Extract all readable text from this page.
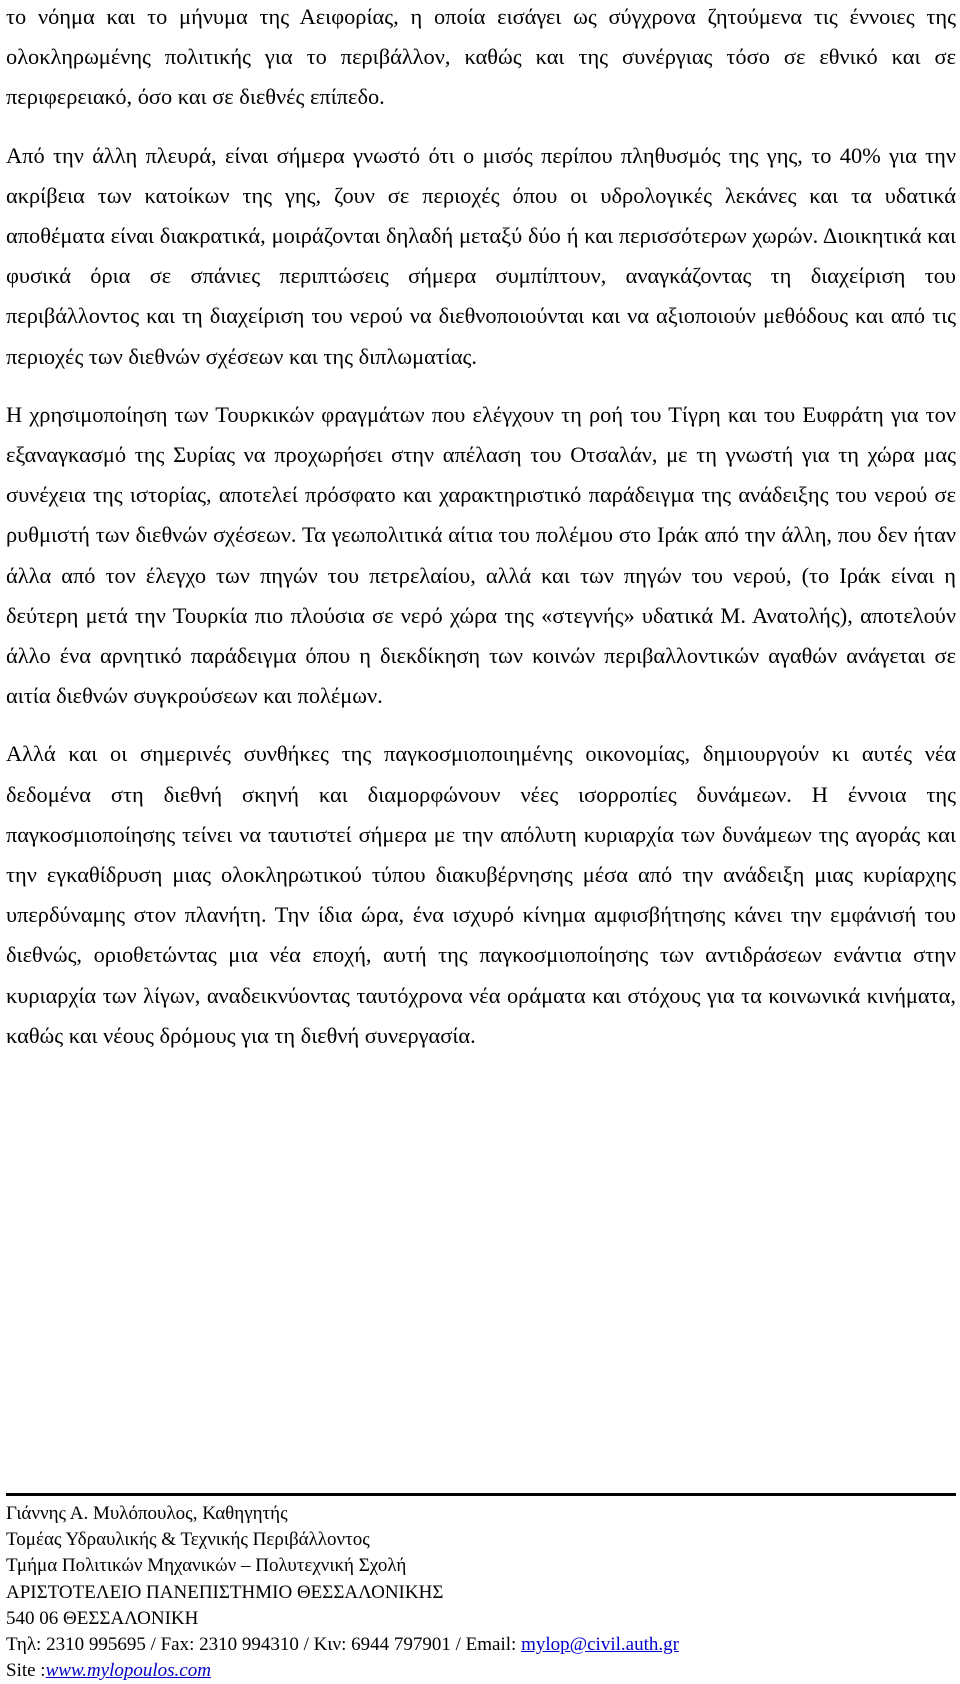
το νόημα και το μήνυμα της Αειφορίας, η οποία εισάγει ως σύγχρονα ζητούμενα τις έννοιες της ολοκληρωμένης πολιτικής για το περιβάλλον, καθώς και της συνέργιας τόσο σε εθνικό και σε περιφερειακό, όσο και σε διεθνές επίπεδο.

Από την άλλη πλευρά, είναι σήμερα γνωστό ότι ο μισός περίπου πληθυσμός της γης, το 40% για την ακρίβεια των κατοίκων της γης, ζουν σε περιοχές όπου οι υδρολογικές λεκάνες και τα υδατικά αποθέματα είναι διακρατικά, μοιράζονται δηλαδή μεταξύ δύο ή και περισσότερων χωρών. Διοικητικά και φυσικά όρια σε σπάνιες περιπτώσεις σήμερα συμπίπτουν, αναγκάζοντας τη διαχείριση του περιβάλλοντος και τη διαχείριση του νερού να διεθνοποιούνται και να αξιοποιούν μεθόδους και από τις περιοχές των διεθνών σχέσεων και της διπλωματίας.

Η χρησιμοποίηση των Τουρκικών φραγμάτων που ελέγχουν τη ροή του Τίγρη και του Ευφράτη για τον εξαναγκασμό της Συρίας να προχωρήσει στην απέλαση του Οτσαλάν, με τη γνωστή για τη χώρα μας συνέχεια της ιστορίας, αποτελεί πρόσφατο και χαρακτηριστικό παράδειγμα της ανάδειξης του νερού σε ρυθμιστή των διεθνών σχέσεων. Τα γεωπολιτικά αίτια του πολέμου στο Ιράκ από την άλλη, που δεν ήταν άλλα από τον έλεγχο των πηγών του πετρελαίου, αλλά και των πηγών του νερού, (το Ιράκ είναι η δεύτερη μετά την Τουρκία πιο πλούσια σε νερό χώρα της «στεγνής» υδατικά Μ. Ανατολής), αποτελούν άλλο ένα αρνητικό παράδειγμα όπου η διεκδίκηση των κοινών περιβαλλοντικών αγαθών ανάγεται σε αιτία διεθνών συγκρούσεων και πολέμων.

Αλλά και οι σημερινές συνθήκες της παγκοσμιοποιημένης οικονομίας, δημιουργούν κι αυτές νέα δεδομένα στη διεθνή σκηνή και διαμορφώνουν νέες ισορροπίες δυνάμεων. Η έννοια της παγκοσμιοποίησης τείνει να ταυτιστεί σήμερα με την απόλυτη κυριαρχία των δυνάμεων της αγοράς και την εγκαθίδρυση μιας ολοκληρωτικού τύπου διακυβέρνησης μέσα από την ανάδειξη μιας κυρίαρχης υπερδύναμης στον πλανήτη. Την ίδια ώρα, ένα ισχυρό κίνημα αμφισβήτησης κάνει την εμφάνισή του διεθνώς, οριοθετώντας μια νέα εποχή, αυτή της παγκοσμιοποίησης των αντιδράσεων ενάντια στην κυριαρχία των λίγων, αναδεικνύοντας ταυτόχρονα νέα οράματα και στόχους για τα κοινωνικά κινήματα, καθώς και νέους δρόμους για τη διεθνή συνεργασία.

Γιάννης Α. Μυλόπουλος, Καθηγητής
Τομέας Υδραυλικής & Τεχνικής Περιβάλλοντος
Τμήμα Πολιτικών Μηχανικών – Πολυτεχνική Σχολή
ΑΡΙΣΤΟΤΕΛΕΙΟ ΠΑΝΕΠΙΣΤΗΜΙΟ ΘΕΣΣΑΛΟΝΙΚΗΣ
540 06 ΘΕΣΣΑΛΟΝΙΚΗ
Τηλ: 2310 995695 / Fax: 2310 994310 / Κιν: 6944 797901 / Email: mylop@civil.auth.gr
Site :www.mylopoulos.com
